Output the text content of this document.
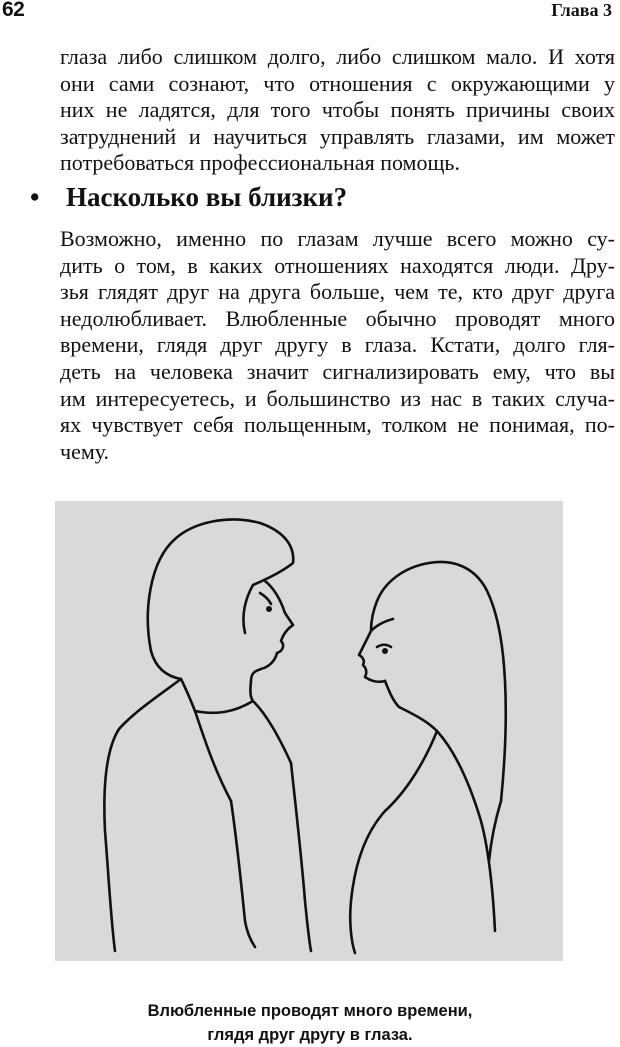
62	Глава 3
глаза либо слишком долго, либо слишком мало. И хотя
они сами сознают, что отношения с окружающими у
них не ладятся, для того чтобы понять причины своих
затруднений и научиться управлять глазами, им может
потребоваться профессиональная помощь.
• Насколько вы близки?
Возможно, именно по глазам лучше всего можно су-
дить о том, в каких отношениях находятся люди. Дру-
зья глядят друг на друга больше, чем те, кто друг друга
недолюбливает. Влюбленные обычно проводят много
времени, глядя друг другу в глаза. Кстати, долго гля-
деть на человека значит сигнализировать ему, что вы
им интересуетесь, и большинство из нас в таких случа-
ях чувствует себя польщенным, толком не понимая, по-
чему.

Влюбленные проводят много времени,
глядя друг другу в глаза.
